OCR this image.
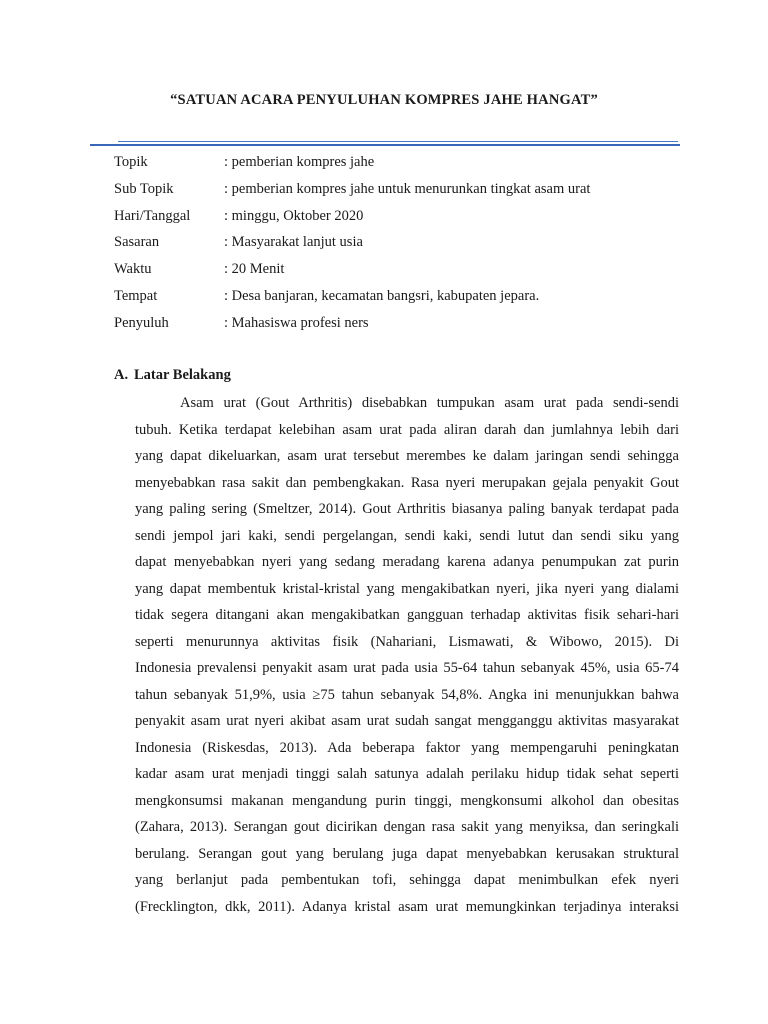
“SATUAN ACARA PENYULUHAN KOMPRES JAHE HANGAT”
Topik	: pemberian kompres jahe
Sub Topik	: pemberian kompres jahe untuk menurunkan tingkat asam urat
Hari/Tanggal : minggu, Oktober 2020
Sasaran	: Masyarakat lanjut usia
Waktu	: 20 Menit
Tempat	: Desa banjaran, kecamatan bangsri, kabupaten jepara.
Penyuluh	: Mahasiswa profesi ners
A. Latar Belakang
Asam urat (Gout Arthritis) disebabkan tumpukan asam urat pada sendi-sendi
tubuh. Ketika terdapat kelebihan asam urat pada aliran darah dan jumlahnya lebih dari
yang dapat dikeluarkan, asam urat tersebut merembes ke dalam jaringan sendi sehingga
menyebabkan rasa sakit dan pembengkakan. Rasa nyeri merupakan gejala penyakit Gout
yang paling sering (Smeltzer, 2014). Gout Arthritis biasanya paling banyak terdapat pada
sendi jempol jari kaki, sendi pergelangan, sendi kaki, sendi lutut dan sendi siku yang
dapat menyebabkan nyeri yang sedang meradang karena adanya penumpukan zat purin
yang dapat membentuk kristal-kristal yang mengakibatkan nyeri, jika nyeri yang dialami
tidak segera ditangani akan mengakibatkan gangguan terhadap aktivitas fisik sehari-hari
seperti menurunnya aktivitas fisik (Nahariani, Lismawati, & Wibowo, 2015). Di
Indonesia prevalensi penyakit asam urat pada usia 55-64 tahun sebanyak 45%, usia 65-74
tahun sebanyak 51,9%, usia ≥75 tahun sebanyak 54,8%. Angka ini menunjukkan bahwa
penyakit asam urat nyeri akibat asam urat sudah sangat mengganggu aktivitas masyarakat
Indonesia (Riskesdas, 2013). Ada beberapa faktor yang mempengaruhi peningkatan
kadar asam urat menjadi tinggi salah satunya adalah perilaku hidup tidak sehat seperti
mengkonsumsi makanan mengandung purin tinggi, mengkonsumi alkohol dan obesitas
(Zahara, 2013). Serangan gout dicirikan dengan rasa sakit yang menyiksa, dan seringkali
berulang. Serangan gout yang berulang juga dapat menyebabkan kerusakan struktural
yang berlanjut pada pembentukan tofi, sehingga dapat menimbulkan efek nyeri
(Frecklington, dkk, 2011). Adanya kristal asam urat memungkinkan terjadinya interaksi
